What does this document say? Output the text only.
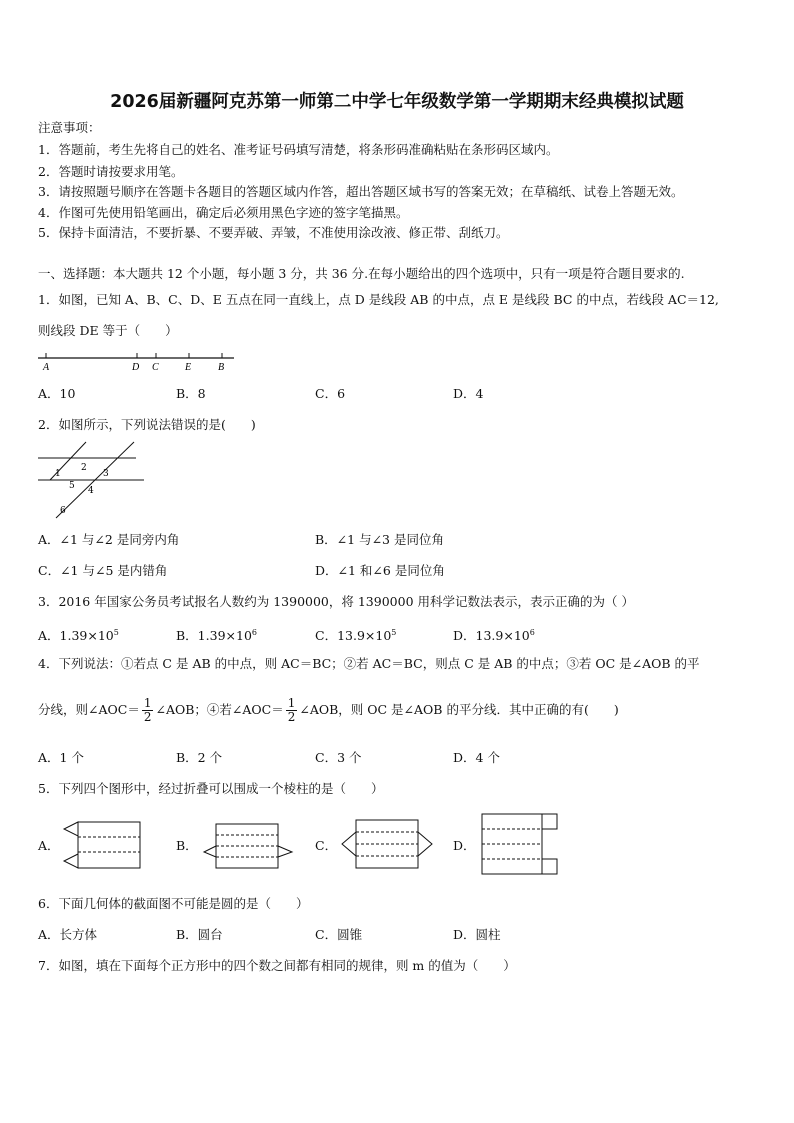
2026届新疆阿克苏第一师第二中学七年级数学第一学期期末经典模拟试题
注意事项：
1．答题前，考生先将自己的姓名、准考证号码填写清楚，将条形码准确粘贴在条形码区域内。
2．答题时请按要求用笔。
3．请按照题号顺序在答题卡各题目的答题区域内作答，超出答题区域书写的答案无效；在草稿纸、试卷上答题无效。
4．作图可先使用铅笔画出，确定后必须用黑色字迹的签字笔描黑。
5．保持卡面清洁，不要折暴、不要弄破、弄皱，不准使用涂改液、修正带、刮纸刀。
一、选择题：本大题共 12 个小题，每小题 3 分，共 36 分.在每小题给出的四个选项中，只有一项是符合题目要求的.
1．如图，已知 A、B、C、D、E 五点在同一直线上，点 D 是线段 AB 的中点，点 E 是线段 BC 的中点，若线段 AC＝12,
则线段 DE 等于（　　）
A	D C	E	B
A．10	B．8	C．6	D．4
2．如图所示，下列说法错误的是(　　)
1
2
3
4
5
6
A．∠1 与∠2 是同旁内角	B．∠1 与∠3 是同位角
C．∠1 与∠5 是内错角	D．∠1 和∠6 是同位角
3．2016 年国家公务员考试报名人数约为 1390000，将 1390000 用科学记数法表示，表示正确的为（ ）
A．$1.39\times 10^5$	B．$1.39\times 10^6$	C．$13.9\times 10^5$	D．$13.9\times 10^6$
4．下列说法：①若点 C 是 AB 的中点，则 AC＝BC；②若 AC＝BC，则点 C 是 AB 的中点；③若 OC 是∠AOB 的平
分线，则∠AOC＝ $\frac{1}{2}$ ∠AOB；④若∠AOC＝ $\frac{1}{2}$ ∠AOB，则 OC 是∠AOB 的平分线．其中正确的有(　　)
A．1 个	B．2 个	C．3 个	D．4 个
5．下列四个图形中，经过折叠可以围成一个棱柱的是（　　）
A．	B．	C．	D．
6．下面几何体的截面图不可能是圆的是（　　）
A．长方体	B．圆台	C．圆锥	D．圆柱
7．如图，填在下面每个正方形中的四个数之间都有相同的规律，则 m 的值为（　　）
